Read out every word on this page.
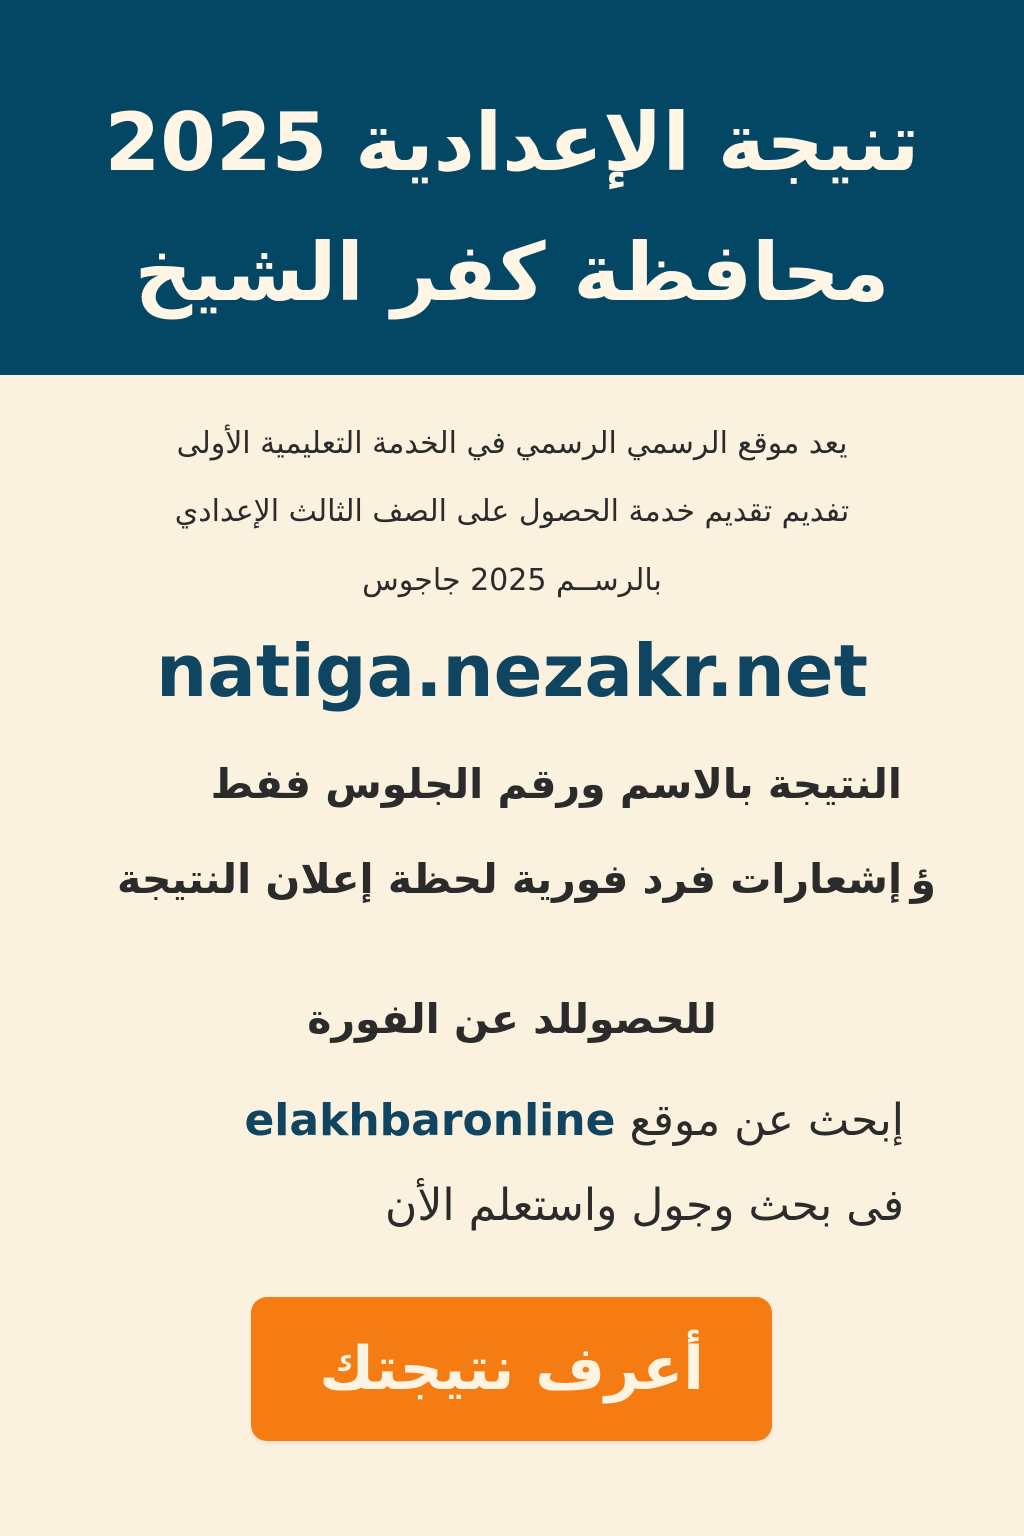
تنيجة الإعدادية 2025
محافظة كفر الشيخ
يعد موقع الرسمي الرسمي في الخدمة التعليمية الأولى
تفديم تقديم خدمة الحصول على الصف الثالث الإعدادي
بالرســم 2025 جاجوس
natiga.nezakr.net
النتيجة بالاسم ورقم الجلوس ففط
ؤ
إشعارات فرد فورية لحظة إعلان النتيجة
للحصوللد عن الفورة
إبحث عن موقع elakhbaronline
فى بحث وجول واستعلم الأن
أعرف نتيجتك
